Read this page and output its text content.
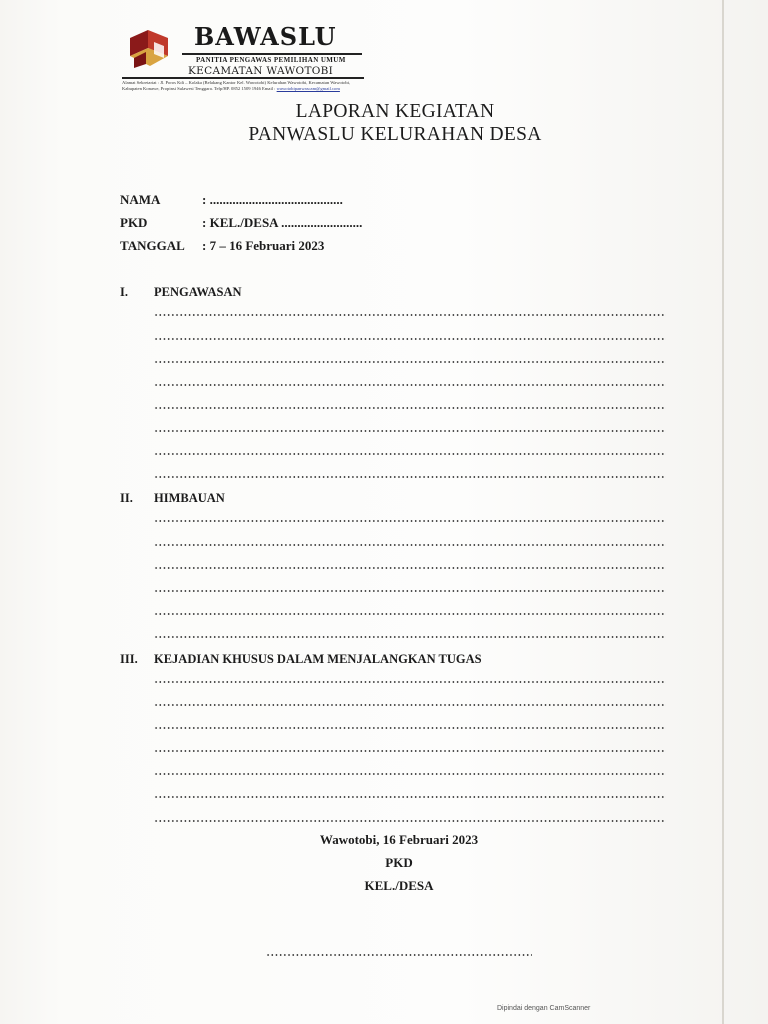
BAWASLU
PANITIA PENGAWAS PEMILIHAN UMUM
KECAMATAN WAWOTOBI
Alamat Sekretariat : Jl. Poros Kdi – Kolaka (Belakang Kantor Kel. Wawotobi) Kelurahan Wawotobi, Kecamatan Wawotobi, Kabupaten Konawe, Propinsi Sulawesi Tenggara. Telp/HP. 0852 1509 1946 Email : wawotobipanwascam@gmail.com
LAPORAN KEGIATAN
PANWASLU KELURAHAN DESA
NAMA	: .........................................
PKD	: KEL./DESA .........................
TANGGAL : 7 – 16 Februari 2023
I. PENGAWASAN
II. HIMBAUAN
III. KEJADIAN KHUSUS DALAM MENJALANGKAN TUGAS
Wawotobi, 16 Februari 2023
PKD
KEL./DESA
Dipindai dengan CamScanner
